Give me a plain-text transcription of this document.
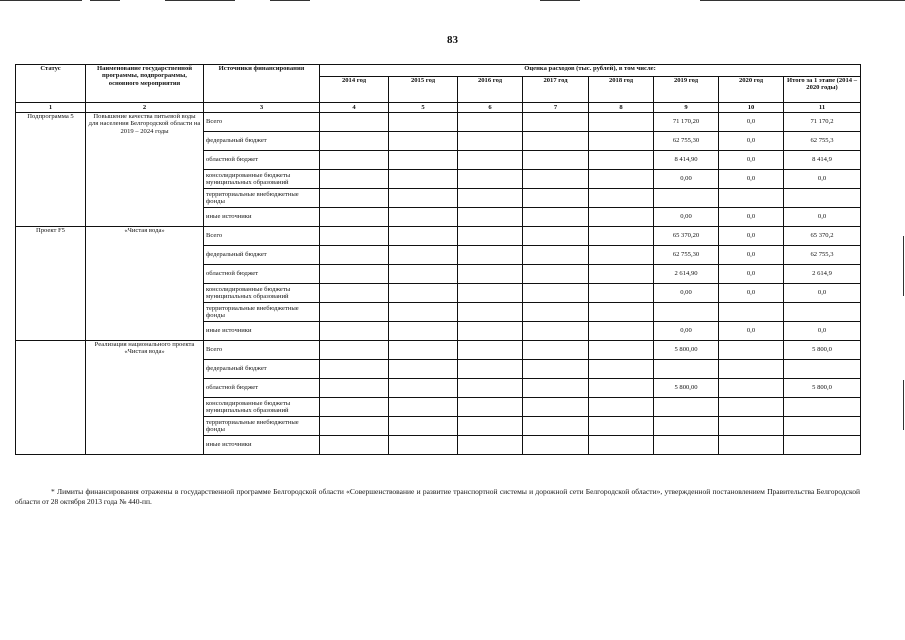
83
Статус	Наименование государственной программы, подпрограммы, основного мероприятия	Источники финансирования	Оценка расходов (тыс. рублей), в том числе:							
			2014 год	2015 год	2016 год	2017 год	2018 год	2019 год	2020 год	Итого за 1 этапе (2014 – 2020 годы)
1	2	3	4	5	6	7	8	9	10	11
Подпрограмма 5	Повышение качества питьевой воды для населения Белгородской области на 2019 – 2024 годы	Всего						71 170,20	0,0	71 170,2
		федеральный бюджет						62 755,30	0,0	62 755,3
		областной бюджет						8 414,90	0,0	8 414,9
		консолидированные бюджеты муниципальных образований						0,00	0,0	0,0
		территориальные внебюджетные фонды								
		иные источники						0,00	0,0	0,0
Проект F5	«Чистая вода»	Всего						65 370,20	0,0	65 370,2
		федеральный бюджет						62 755,30	0,0	62 755,3
		областной бюджет						2 614,90	0,0	2 614,9
		консолидированные бюджеты муниципальных образований						0,00	0,0	0,0
		территориальные внебюджетные фонды								
		иные источники						0,00	0,0	0,0
	Реализация национального проекта «Чистая вода»	Всего						5 800,00		5 800,0
		федеральный бюджет								
		областной бюджет						5 800,00		5 800,0
		консолидированные бюджеты муниципальных образований								
		территориальные внебюджетные фонды								
		иные источники								
* Лимиты финансирования отражены в государственной программе Белгородской области «Совершенствование и развитие транспортной системы и дорожной сети Белгородской области», утвержденной постановлением Правительства Белгородской области от 28 октября 2013 года № 440-пп.
